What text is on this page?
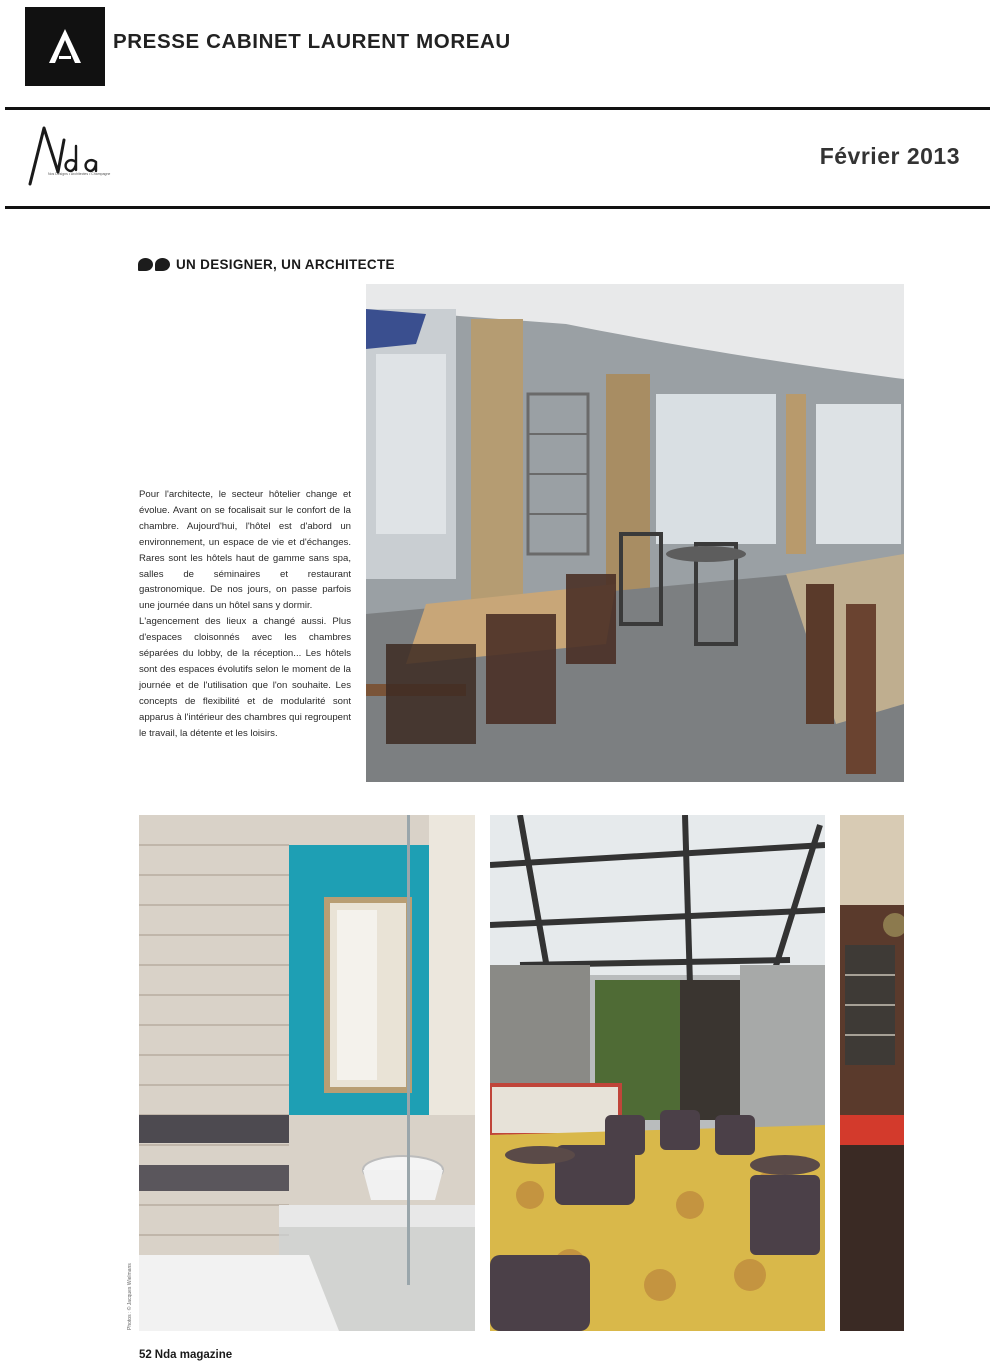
PRESSE CABINET LAURENT MOREAU
Nos Designs • Architectes • Champagne
Février 2013
UN DESIGNER, UN ARCHITECTE

Pour l'architecte, le secteur hôtelier change et évolue. Avant on se focalisait sur le confort de la chambre. Aujourd'hui, l'hôtel est d'abord un environnement, un espace de vie et d'échanges. Rares sont les hôtels haut de gamme sans spa, salles de séminaires et restaurant gastronomique. De nos jours, on passe parfois une journée dans un hôtel sans y dormir.

L'agencement des lieux a changé aussi. Plus d'espaces cloisonnés avec les chambres séparées du lobby, de la réception... Les hôtels sont des espaces évolutifs selon le moment de la journée et de l'utilisation que l'on souhaite. Les concepts de flexibilité et de modularité sont apparus à l'intérieur des chambres qui regroupent le travail, la détente et les loisirs.

Photos : © Jacques Wielmans
52 Nda magazine
